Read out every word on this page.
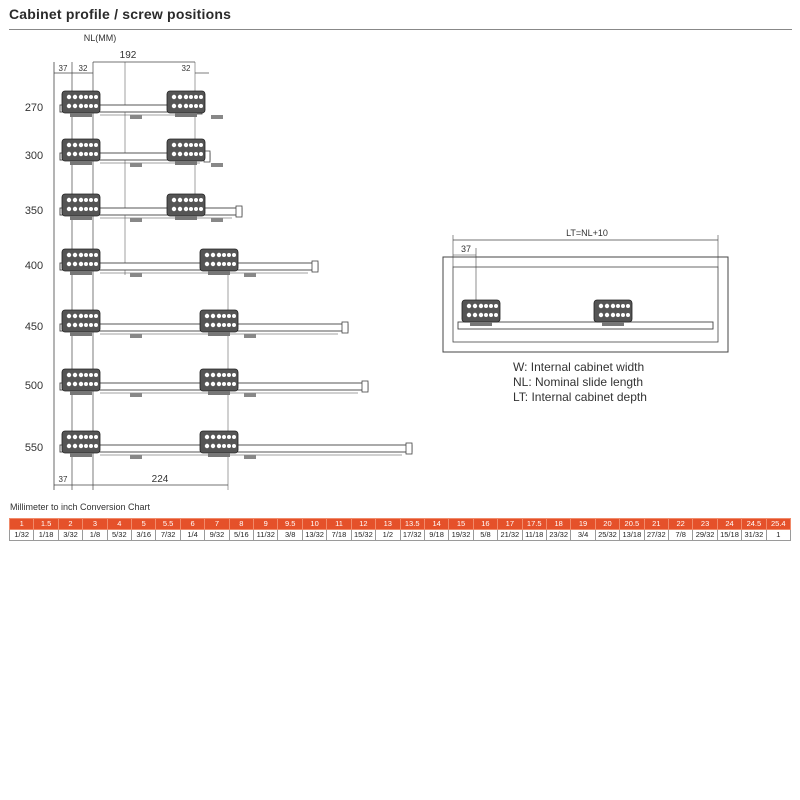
Cabinet profile / screw positions
NL(MM)
37 32
192
32
37	224
270
300
350
400
450
500
550
LT=NL+10
37
W: Internal cabinet width
NL: Nominal slide length
LT: Internal cabinet depth
Millimeter to inch Conversion Chart
1	1.5	2	3	4	5	5.5	6	7	8	9	9.5	10	11	12	13	13.5	14	15	16	17	17.5	18	19	20	20.5	21	22	23	24	24.5	25.4
1/32	1/18	3/32	1/8	5/32	3/16	7/32	1/4	9/32	5/16	11/32	3/8	13/32	7/18	15/32	1/2	17/32	9/18	19/32	5/8	21/32	11/18	23/32	3/4	25/32	13/18	27/32	7/8	29/32	15/18	31/32	1
